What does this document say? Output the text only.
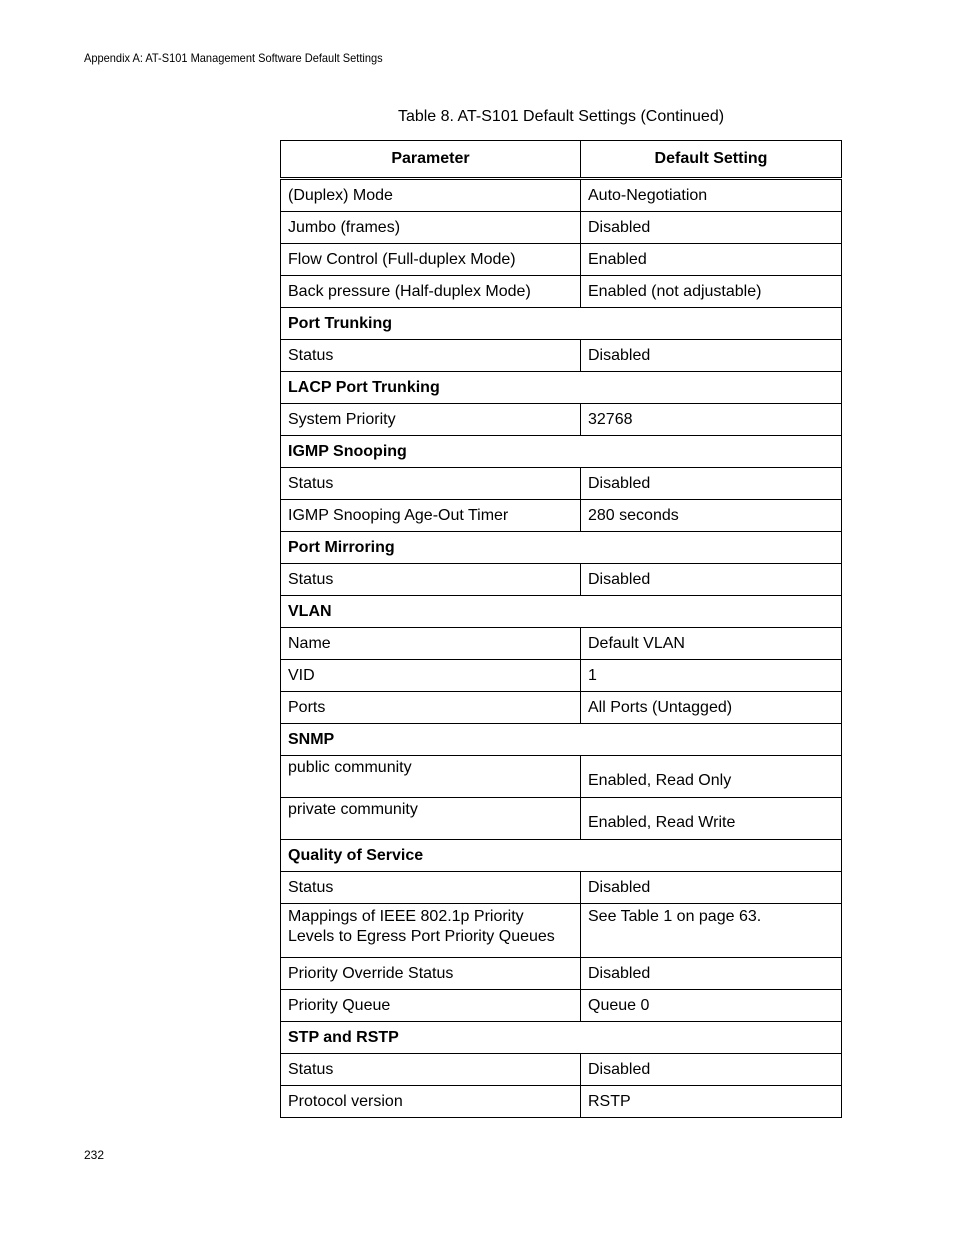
Appendix A: AT-S101 Management Software Default Settings
Table 8. AT-S101 Default Settings (Continued)
Parameter	Default Setting
(Duplex) Mode	Auto-Negotiation
Jumbo (frames)	Disabled
Flow Control (Full-duplex Mode)	Enabled
Back pressure (Half-duplex Mode)	Enabled (not adjustable)
Port Trunking	
Status	Disabled
LACP Port Trunking	
System Priority	32768
IGMP Snooping	
Status	Disabled
IGMP Snooping Age-Out Timer	280 seconds
Port Mirroring	
Status	Disabled
VLAN	
Name	Default VLAN
VID	1
Ports	All Ports (Untagged)
SNMP	
public community	Enabled, Read Only
private community	Enabled, Read Write
Quality of Service	
Status	Disabled
Mappings of IEEE 802.1p Priority Levels to Egress Port Priority Queues	See Table 1 on page 63.
Priority Override Status	Disabled
Priority Queue	Queue 0
STP and RSTP	
Status	Disabled
Protocol version	RSTP
232
